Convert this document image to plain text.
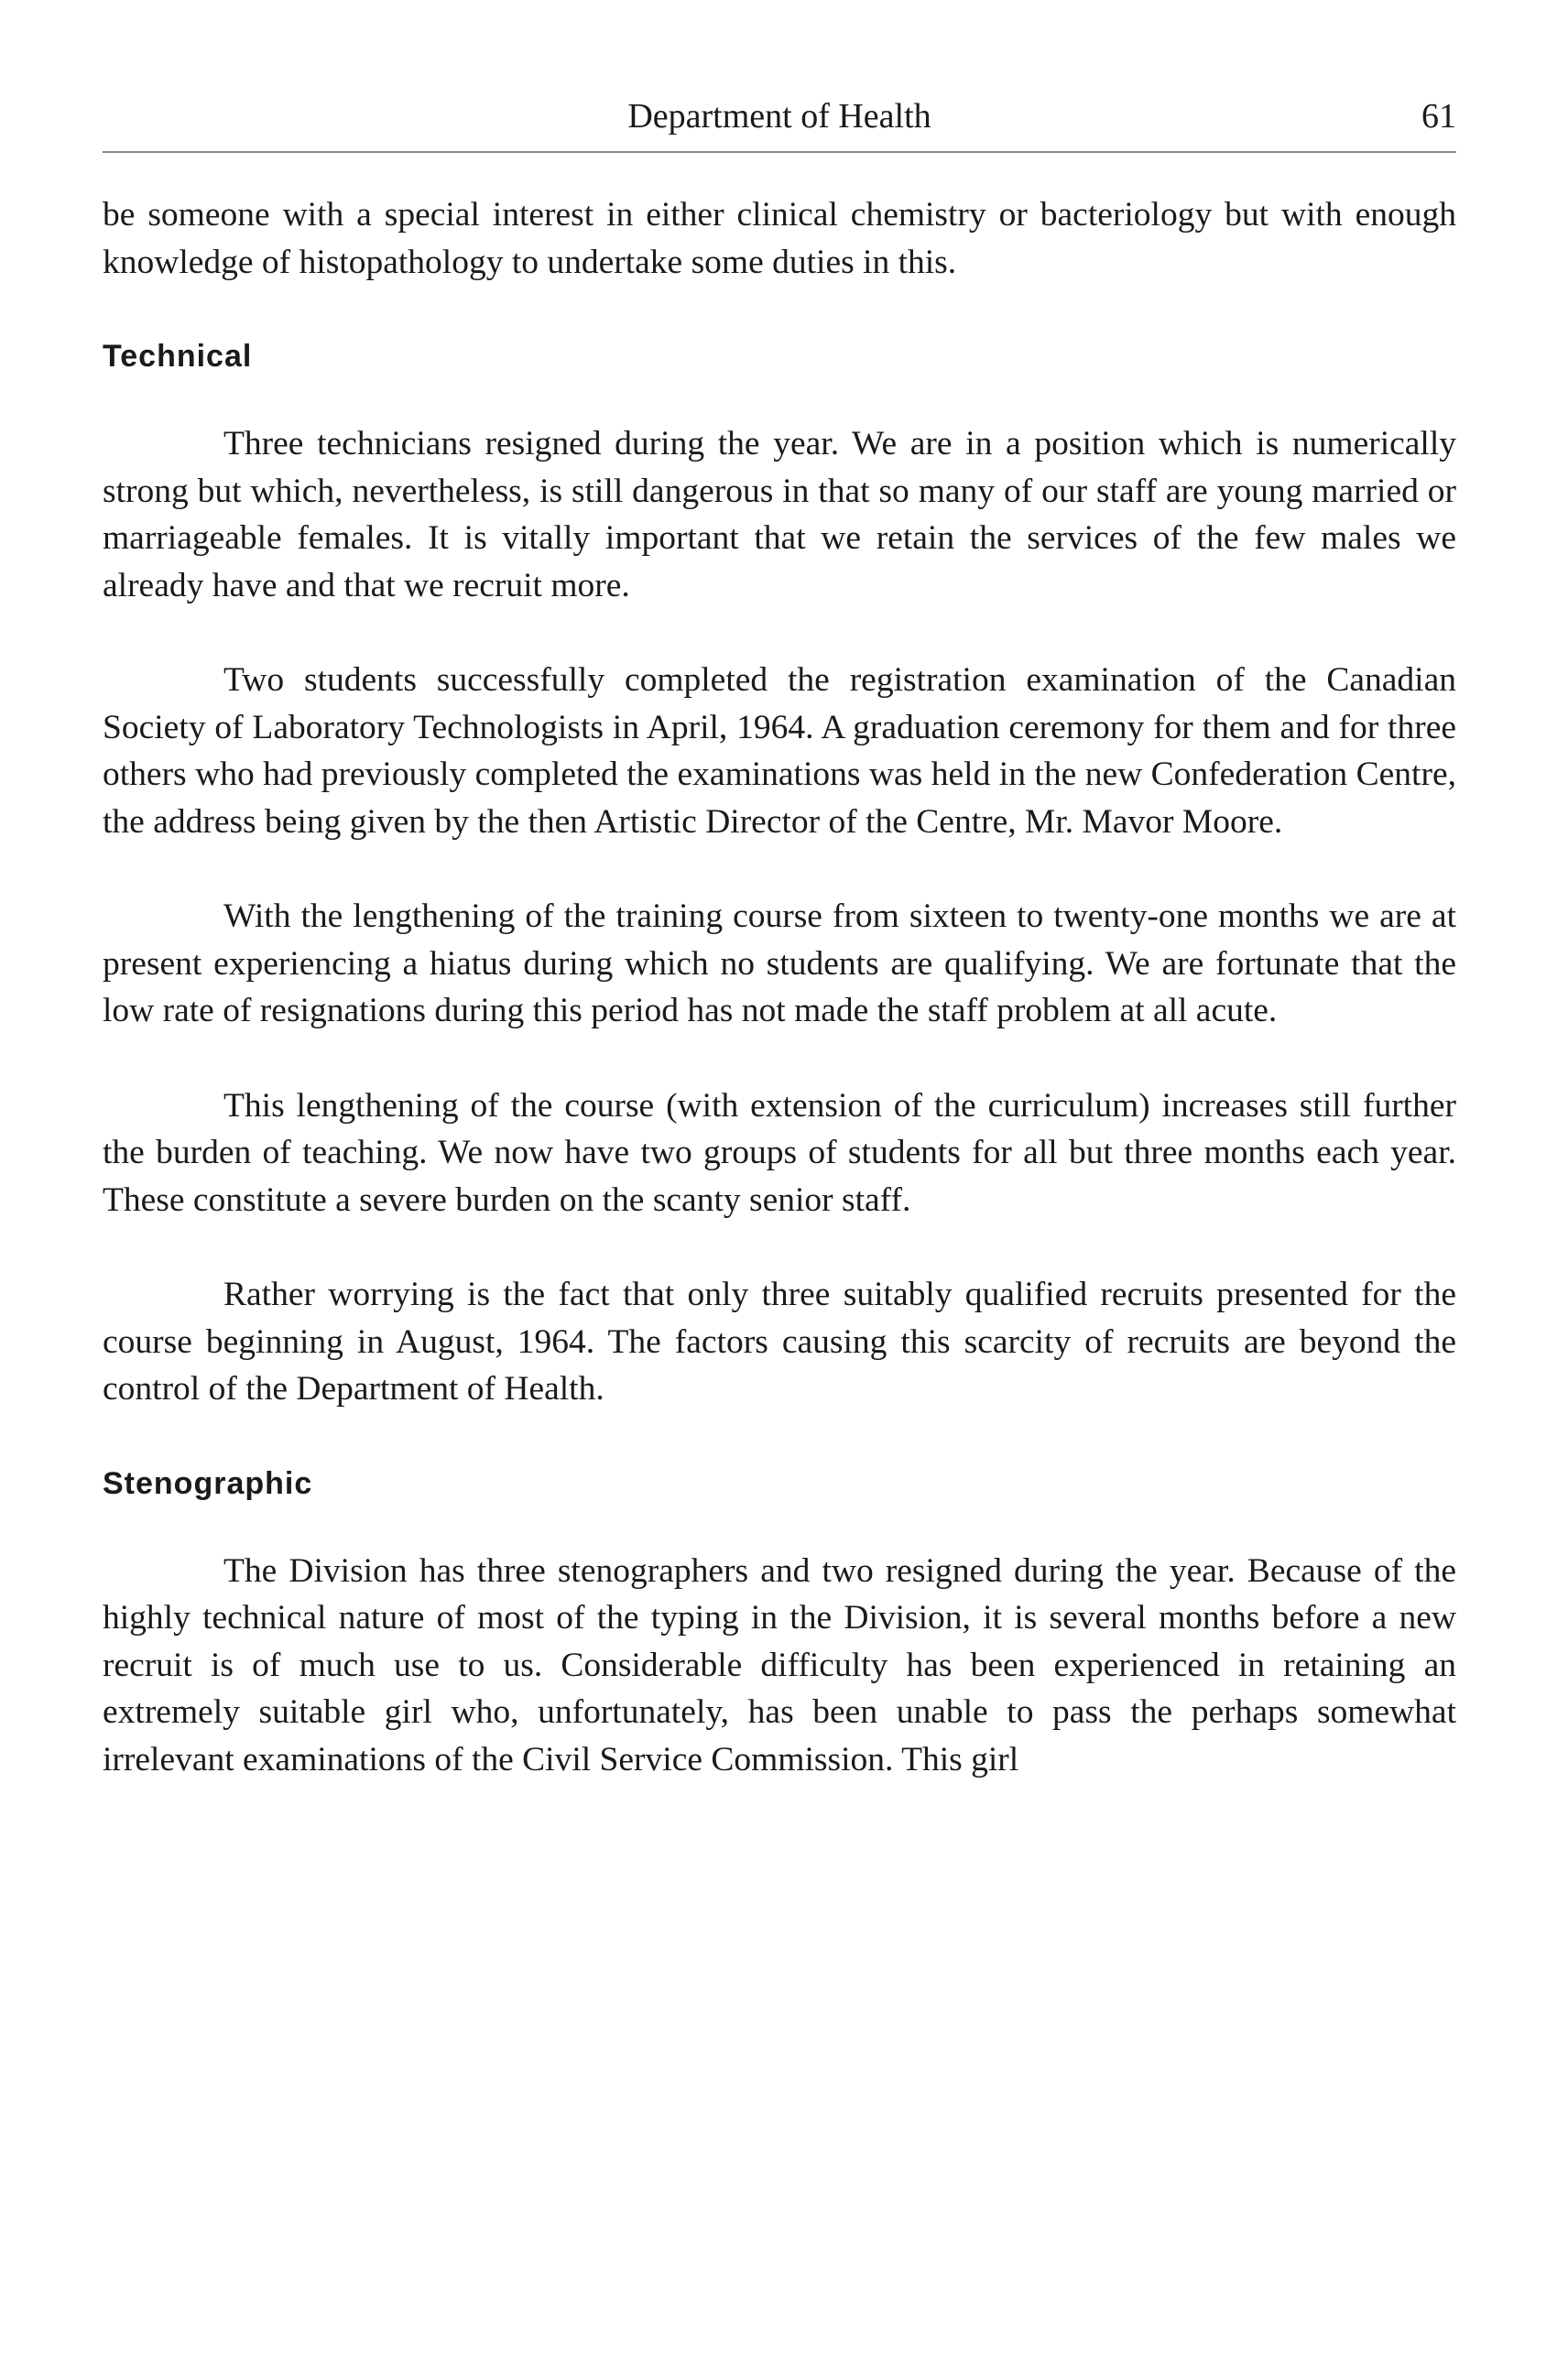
Department of Health	61

be someone with a special interest in either clinical chemistry or bacteriology but with enough knowledge of histopathology to undertake some duties in this.

Technical

Three technicians resigned during the year. We are in a position which is numerically strong but which, nevertheless, is still dangerous in that so many of our staff are young married or marriageable females. It is vitally important that we retain the services of the few males we already have and that we recruit more.

Two students successfully completed the registration examination of the Canadian Society of Laboratory Technologists in April, 1964. A graduation ceremony for them and for three others who had previously completed the examinations was held in the new Confederation Centre, the address being given by the then Artistic Director of the Centre, Mr. Mavor Moore.

With the lengthening of the training course from sixteen to twenty-one months we are at present experiencing a hiatus during which no students are qualifying. We are fortunate that the low rate of resignations during this period has not made the staff problem at all acute.

This lengthening of the course (with extension of the curriculum) increases still further the burden of teaching. We now have two groups of students for all but three months each year. These constitute a severe burden on the scanty senior staff.

Rather worrying is the fact that only three suitably qualified recruits presented for the course beginning in August, 1964. The factors causing this scarcity of recruits are beyond the control of the Department of Health.

Stenographic

The Division has three stenographers and two resigned during the year. Because of the highly technical nature of most of the typing in the Division, it is several months before a new recruit is of much use to us. Considerable difficulty has been experienced in retaining an extremely suitable girl who, unfortunately, has been unable to pass the perhaps somewhat irrelevant examinations of the Civil Service Commission. This girl
